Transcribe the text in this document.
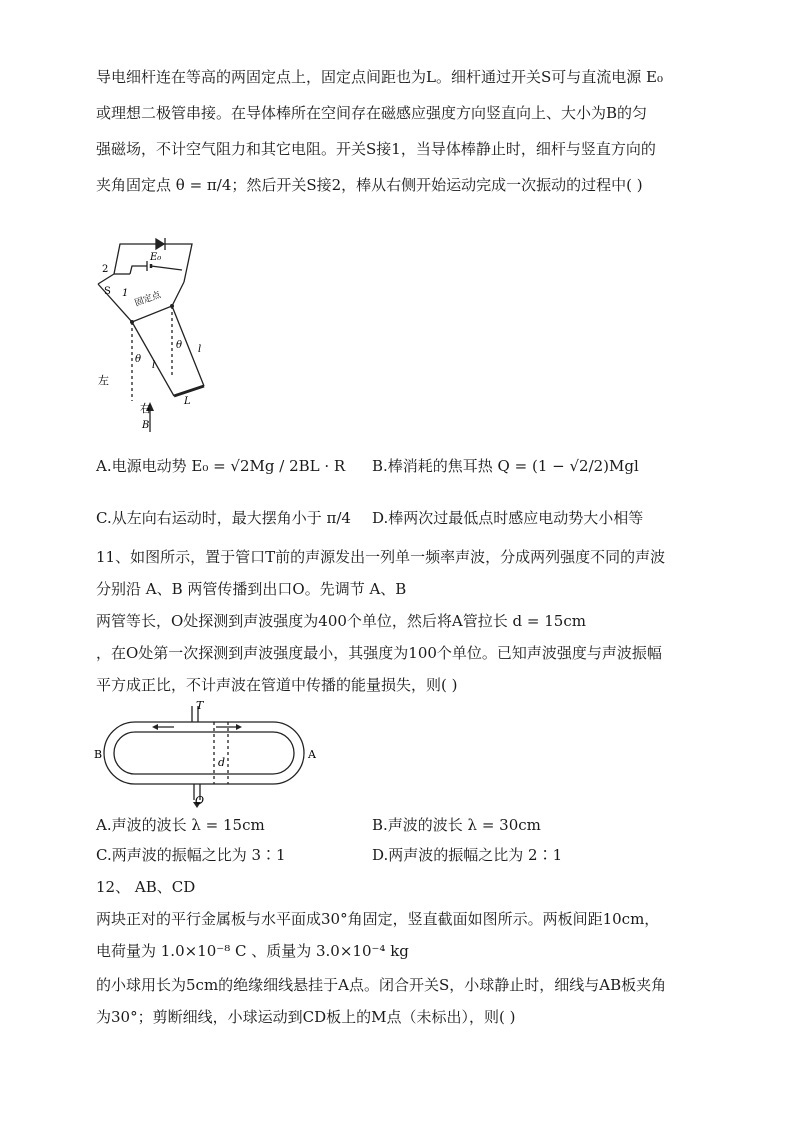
导电细杆连在等高的两固定点上，固定点间距也为L。细杆通过开关S可与直流电源 E₀
或理想二极管串接。在导体棒所在空间存在磁感应强度方向竖直向上、大小为B的匀
强磁场，不计空气阻力和其它电阻。开关S接1，当导体棒静止时，细杆与竖直方向的
夹角固定点 θ = π/4；然后开关S接2，棒从右侧开始运动完成一次振动的过程中( )
2
S 1
E₀
固定点
θ
θ
l
l
左
右
B
L
A.电源电动势 E₀ = √2Mg / 2BL · R B.棒消耗的焦耳热 Q = (1 − √2/2)Mgl
C.从左向右运动时，最大摆角小于 π/4 D.棒两次过最低点时感应电动势大小相等
11、如图所示，置于管口T前的声源发出一列单一频率声波，分成两列强度不同的声波
分别沿 A、B 两管传播到出口O。先调节 A、B
两管等长，O处探测到声波强度为400个单位，然后将A管拉长 d = 15cm
，在O处第一次探测到声波强度最小，其强度为100个单位。已知声波强度与声波振幅
平方成正比，不计声波在管道中传播的能量损失，则( )
T
B	A
d
O
A.声波的波长 λ = 15cm	B.声波的波长 λ = 30cm
C.两声波的振幅之比为 3∶1	D.两声波的振幅之比为 2∶1
12、 AB、CD
两块正对的平行金属板与水平面成30°角固定，竖直截面如图所示。两板间距10cm，
电荷量为 1.0×10⁻⁸ C 、质量为 3.0×10⁻⁴ kg
的小球用长为5cm的绝缘细线悬挂于A点。闭合开关S，小球静止时，细线与AB板夹角
为30°；剪断细线，小球运动到CD板上的M点（未标出），则( )
